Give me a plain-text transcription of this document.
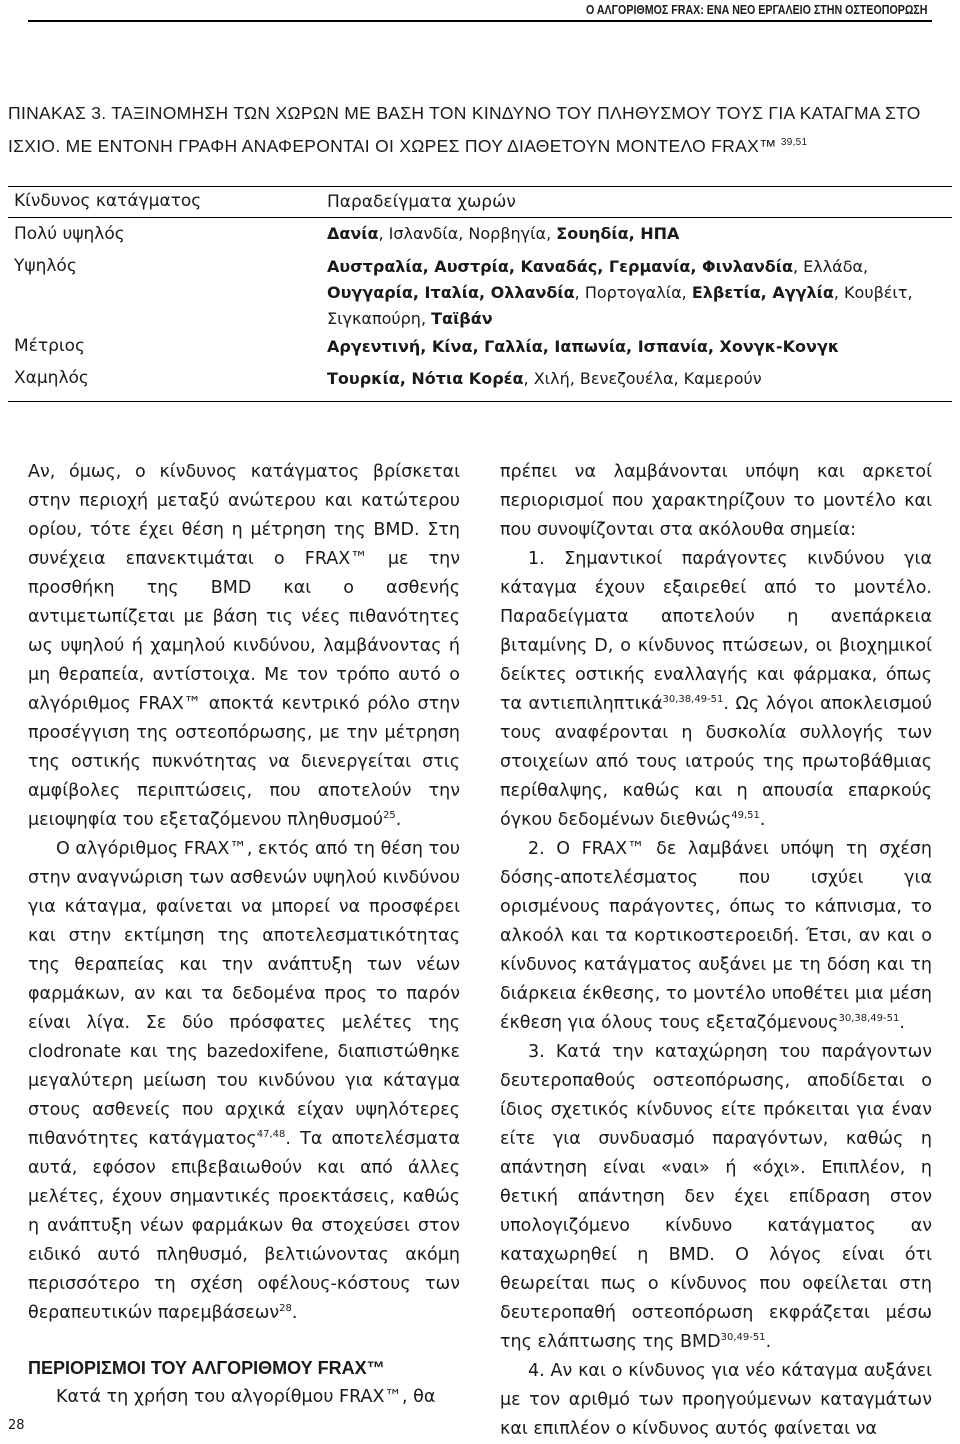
Ο ΑΛΓΟΡΙΘΜΟΣ FRAX: ΕΝΑ ΝΕΟ ΕΡΓΑΛΕΙΟ ΣΤΗΝ ΟΣΤΕΟΠΟΡΩΣΗ
ΠΙΝΑΚΑΣ 3. ΤΑΞΙΝΟΜΗΣΗ ΤΩΝ ΧΩΡΩΝ ΜΕ ΒΑΣΗ ΤΟΝ ΚΙΝΔΥΝΟ ΤΟΥ ΠΛΗΘΥΣΜΟΥ ΤΟΥΣ ΓΙΑ ΚΑΤΑΓΜΑ ΣΤΟ ΙΣΧΙΟ. ΜΕ ΕΝΤΟΝΗ ΓΡΑΦΗ ΑΝΑΦΕΡΟΝΤΑΙ ΟΙ ΧΩΡΕΣ ΠΟΥ ΔΙΑΘΕΤΟΥΝ ΜΟΝΤΕΛΟ FRAX™ $^{39,51}$
Κίνδυνος κατάγματος	Παραδείγματα χωρών
Πολύ υψηλός	Δανία, Ισλανδία, Νορβηγία, Σουηδία, ΗΠΑ
Υψηλός	Αυστραλία, Αυστρία, Καναδάς, Γερμανία, Φινλανδία, Ελλάδα, Ουγγαρία, Ιταλία, Ολλανδία, Πορτογαλία, Ελβετία, Αγγλία, Κουβέιτ, Σιγκαπούρη, Ταϊβάν
Μέτριος	Αργεντινή, Κίνα, Γαλλία, Ιαπωνία, Ισπανία, Χονγκ-Κονγκ
Χαμηλός	Τουρκία, Νότια Κορέα, Χιλή, Βενεζουέλα, Καμερούν

Αν, όμως, ο κίνδυνος κατάγματος βρίσκεται στην περιοχή μεταξύ ανώτερου και κατώτερου ορίου, τότε έχει θέση η μέτρηση της BMD. Στη συνέχεια επανεκτιμάται ο FRAX™ με την προσθήκη της BMD και ο ασθενής αντιμετωπίζεται με βάση τις νέες πιθανότητες ως υψηλού ή χαμηλού κινδύνου, λαμβάνοντας ή μη θεραπεία, αντίστοιχα. Με τον τρόπο αυτό ο αλγόριθμος FRAX™ αποκτά κεντρικό ρόλο στην προσέγγιση της οστεοπόρωσης, με την μέτρηση της οστικής πυκνότητας να διενεργείται στις αμφίβολες περιπτώσεις, που αποτελούν την μειοψηφία του εξεταζόμενου πληθυσμού$^{25}$.

Ο αλγόριθμος FRAX™, εκτός από τη θέση του στην αναγνώριση των ασθενών υψηλού κινδύνου για κάταγμα, φαίνεται να μπορεί να προσφέρει και στην εκτίμηση της αποτελεσματικότητας της θεραπείας και την ανάπτυξη των νέων φαρμάκων, αν και τα δεδομένα προς το παρόν είναι λίγα. Σε δύο πρόσφατες μελέτες της clodronate και της bazedoxifene, διαπιστώθηκε μεγαλύτερη μείωση του κινδύνου για κάταγμα στους ασθενείς που αρχικά είχαν υψηλότερες πιθανότητες κατάγματος$^{47,48}$. Τα αποτελέσματα αυτά, εφόσον επιβεβαιωθούν και από άλλες μελέτες, έχουν σημαντικές προεκτάσεις, καθώς η ανάπτυξη νέων φαρμάκων θα στοχεύσει στον ειδικό αυτό πληθυσμό, βελτιώνοντας ακόμη περισσότερο τη σχέση οφέλους-κόστους των θεραπευτικών παρεμβάσεων$^{28}$.

ΠΕΡΙΟΡΙΣΜΟΙ ΤΟΥ ΑΛΓΟΡΙΘΜΟΥ FRAX™

Κατά τη χρήση του αλγορίθμου FRAX™, θα

πρέπει να λαμβάνονται υπόψη και αρκετοί περιορισμοί που χαρακτηρίζουν το μοντέλο και που συνοψίζονται στα ακόλουθα σημεία:

1. Σημαντικοί παράγοντες κινδύνου για κάταγμα έχουν εξαιρεθεί από το μοντέλο. Παραδείγματα αποτελούν η ανεπάρκεια βιταμίνης D, ο κίνδυνος πτώσεων, οι βιοχημικοί δείκτες οστικής εναλλαγής και φάρμακα, όπως τα αντιεπιληπτικά$^{30,38,49-51}$. Ως λόγοι αποκλεισμού τους αναφέρονται η δυσκολία συλλογής των στοιχείων από τους ιατρούς της πρωτοβάθμιας περίθαλψης, καθώς και η απουσία επαρκούς όγκου δεδομένων διεθνώς$^{49,51}$.

2. Ο FRAX™ δε λαμβάνει υπόψη τη σχέση δόσης-αποτελέσματος που ισχύει για ορισμένους παράγοντες, όπως το κάπνισμα, το αλκοόλ και τα κορτικοστεροειδή. Έτσι, αν και ο κίνδυνος κατάγματος αυξάνει με τη δόση και τη διάρκεια έκθεσης, το μοντέλο υποθέτει μια μέση έκθεση για όλους τους εξεταζόμενους$^{30,38,49-51}$.

3. Κατά την καταχώρηση του παράγοντων δευτεροπαθούς οστεοπόρωσης, αποδίδεται ο ίδιος σχετικός κίνδυνος είτε πρόκειται για έναν είτε για συνδυασμό παραγόντων, καθώς η απάντηση είναι «ναι» ή «όχι». Επιπλέον, η θετική απάντηση δεν έχει επίδραση στον υπολογιζόμενο κίνδυνο κατάγματος αν καταχωρηθεί η BMD. Ο λόγος είναι ότι θεωρείται πως ο κίνδυνος που οφείλεται στη δευτεροπαθή οστεοπόρωση εκφράζεται μέσω της ελάπτωσης της BMD$^{30,49-51}$.

4. Αν και ο κίνδυνος για νέο κάταγμα αυξάνει με τον αριθμό των προηγούμενων καταγμάτων και επιπλέον ο κίνδυνος αυτός φαίνεται να

28
